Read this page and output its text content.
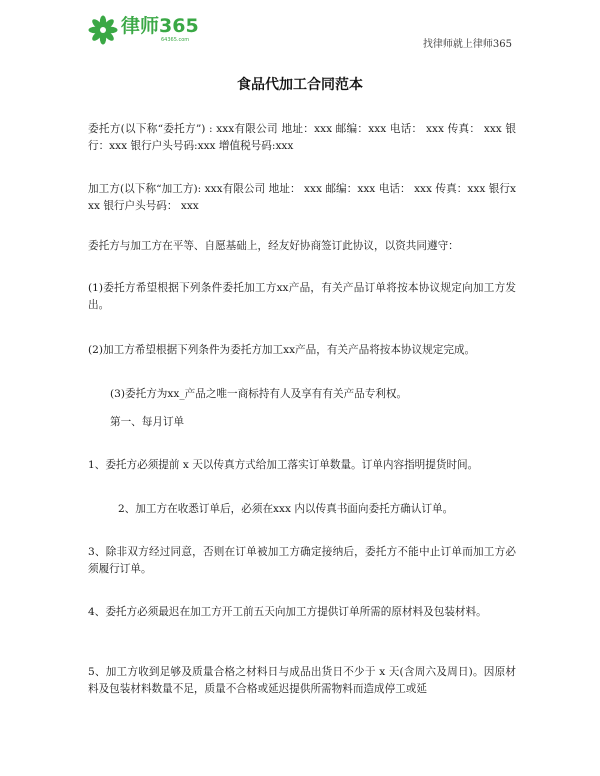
律师365
64365.com	找律师就上律师365
食品代加工合同范本

委托方(以下称“委托方”) : xxx有限公司 地址：xxx 邮编：xxx 电话： xxx 传真： xxx 银行：xxx 银行户头号码:xxx 增值税号码:xxx

加工方(以下称“加工方): xxx有限公司 地址： xxx 邮编：xxx 电话： xxx 传真：xxx 银行xxx 银行户头号码： xxx

委托方与加工方在平等、自愿基础上，经友好协商签订此协议，以资共同遵守：

(1)委托方希望根据下列条件委托加工方xx产品，有关产品订单将按本协议规定向加工方发出。

(2)加工方希望根据下列条件为委托方加工xx产品，有关产品将按本协议规定完成。

(3)委托方为xx_产品之唯一商标持有人及享有有关产品专利权。

第一、每月订单

1、委托方必须提前 x 天以传真方式给加工落实订单数量。订单内容指明提货时间。

2、加工方在收悉订单后，必须在xxx 内以传真书面向委托方确认订单。

3、除非双方经过同意，否则在订单被加工方确定接纳后，委托方不能中止订单而加工方必须履行订单。

4、委托方必须最迟在加工方开工前五天向加工方提供订单所需的原材料及包装材料。

5、加工方收到足够及质量合格之材料日与成品出货日不少于 x 天(含周六及周日)。因原材料及包装材料数量不足，质量不合格或延迟提供所需物料而造成停工或延
